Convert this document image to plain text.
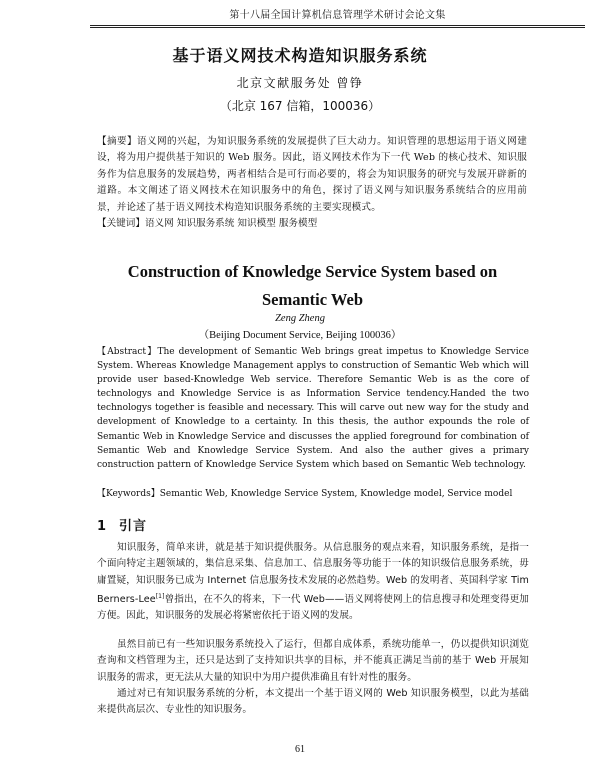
第十八届全国计算机信息管理学术研讨会论文集
基于语义网技术构造知识服务系统
北京文献服务处 曾铮
（北京 167 信箱，100036）
【摘要】语义网的兴起，为知识服务系统的发展提供了巨大动力。知识管理的思想运用于语义网建设，将为用户提供基于知识的 Web 服务。因此，语义网技术作为下一代 Web 的核心技术、知识服务作为信息服务的发展趋势，两者相结合是可行而必要的，将会为知识服务的研究与发展开辟新的道路。本文阐述了语义网技术在知识服务中的角色，探讨了语义网与知识服务系统结合的应用前景，并论述了基于语义网技术构造知识服务系统的主要实现模式。
【关键词】语义网 知识服务系统 知识模型 服务模型
Construction of Knowledge Service System based on Semantic Web
Zeng Zheng
（Beijing Document Service, Beijing 100036）
【Abstract】The development of Semantic Web brings great impetus to Knowledge Service System. Whereas Knowledge Management applys to construction of Semantic Web which will provide user based-Knowledge Web service. Therefore Semantic Web is as the core of technologys and Knowledge Service is as Information Service tendency.Handed the two technologys together is feasible and necessary. This will carve out new way for the study and development of Knowledge to a certainty. In this thesis, the author expounds the role of Semantic Web in Knowledge Service and discusses the applied foreground for combination of Semantic Web and Knowledge Service System. And also the auther gives a primary construction pattern of Knowledge Service System which based on Semantic Web technology.
【Keywords】Semantic Web, Knowledge Service System, Knowledge model, Service model
1 引言
知识服务，简单来讲，就是基于知识提供服务。从信息服务的观点来看，知识服务系统，是指一个面向特定主题领域的，集信息采集、信息加工、信息服务等功能于一体的知识级信息服务系统，毋庸置疑，知识服务已成为 Internet 信息服务技术发展的必然趋势。Web 的发明者、英国科学家 Tim Berners-Lee[1]曾指出，在不久的将来，下一代 Web——语义网将使网上的信息搜寻和处理变得更加方便。因此，知识服务的发展必将紧密依托于语义网的发展。
虽然目前已有一些知识服务系统投入了运行，但都自成体系，系统功能单一，仍以提供知识浏览查询和文档管理为主，还只是达到了支持知识共享的目标，并不能真正满足当前的基于 Web 开展知识服务的需求，更无法从大量的知识中为用户提供准确且有针对性的服务。
通过对已有知识服务系统的分析，本文提出一个基于语义网的 Web 知识服务模型，以此为基础来提供高层次、专业性的知识服务。
61
